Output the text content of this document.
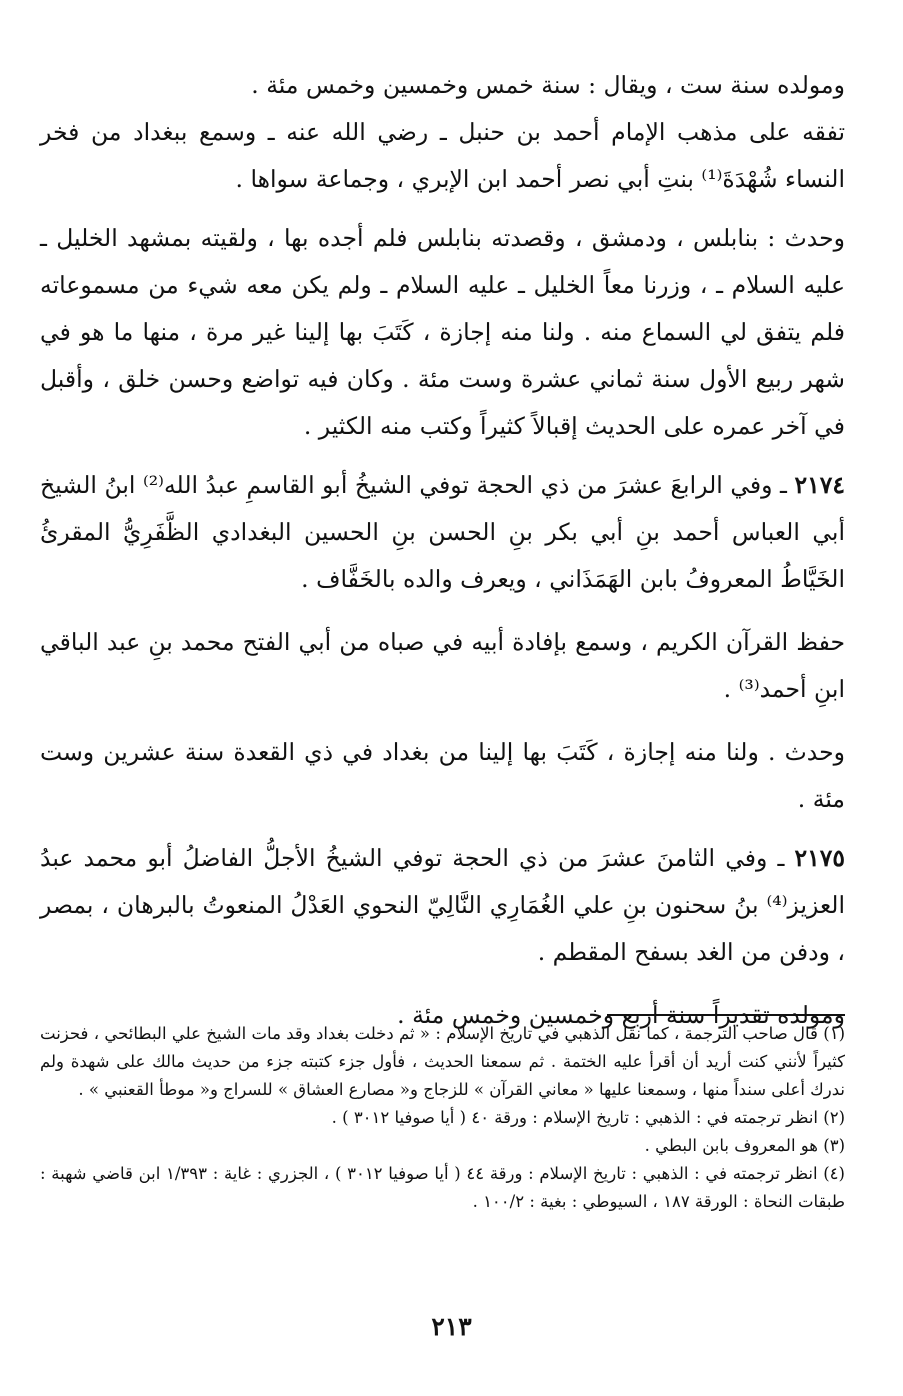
ومولده سنة ست ، ويقال : سنة خمس وخمسين وخمس مئة .

تفقه على مذهب الإمام أحمد بن حنبل ـ رضي الله عنه ـ وسمع ببغداد من فخر النساء شُهْدَةَ⁽¹⁾ بنتِ أبي نصر أحمد ابن الإبري ، وجماعة سواها .

وحدث : بنابلس ، ودمشق ، وقصدته بنابلس فلم أجده بها ، ولقيته بمشهد الخليل ـ عليه السلام ـ ، وزرنا معاً الخليل ـ عليه السلام ـ ولم يكن معه شيء من مسموعاته فلم يتفق لي السماع منه . ولنا منه إجازة ، كَتَبَ بها إلينا غير مرة ، منها ما هو في شهر ربيع الأول سنة ثماني عشرة وست مئة . وكان فيه تواضع وحسن خلق ، وأقبل في آخر عمره على الحديث إقبالاً كثيراً وكتب منه الكثير .

٢١٧٤ ـ وفي الرابعَ عشرَ من ذي الحجة توفي الشيخُ أبو القاسمِ عبدُ الله⁽²⁾ ابنُ الشيخ أبي العباس أحمد بنِ أبي بكر بنِ الحسن بنِ الحسين البغدادي الظَّفَرِيُّ المقرئُ الخَيَّاطُ المعروفُ بابن الهَمَذَاني ، ويعرف والده بالخَفَّاف .

حفظ القرآن الكريم ، وسمع بإفادة أبيه في صباه من أبي الفتح محمد بنِ عبد الباقي ابنِ أحمد⁽³⁾ .

وحدث . ولنا منه إجازة ، كَتَبَ بها إلينا من بغداد في ذي القعدة سنة عشرين وست مئة .

٢١٧٥ ـ وفي الثامنَ عشرَ من ذي الحجة توفي الشيخُ الأجلُّ الفاضلُ أبو محمد عبدُ العزيز⁽⁴⁾ بنُ سحنون بنِ علي الغُمَارِي النَّالِيّ النحوي العَدْلُ المنعوتُ بالبرهان ، بمصر ، ودفن من الغد بسفح المقطم .

ومولده تقديراً سنة أربع وخمسين وخمس مئة .

(١) قال صاحب الترجمة ، كما نقل الذهبي في تاريخ الإسلام : « ثم دخلت بغداد وقد مات الشيخ علي البطائحي ، فحزنت كثيراً لأنني كنت أريد أن أقرأ عليه الختمة . ثم سمعنا الحديث ، فأول جزء كتبته جزء من حديث مالك على شهدة ولم ندرك أعلى سنداً منها ، وسمعنا عليها « معاني القرآن » للزجاج و« مصارع العشاق » للسراج و« موطأ القعنبي » .

(٢) انظر ترجمته في : الذهبي : تاريخ الإسلام : ورقة ٤٠ ( أيا صوفيا ٣٠١٢ ) .

(٣) هو المعروف بابن البطي .

(٤) انظر ترجمته في : الذهبي : تاريخ الإسلام : ورقة ٤٤ ( أيا صوفيا ٣٠١٢ ) ، الجزري : غاية : ١/٣٩٣ ابن قاضي شهبة : طبقات النحاة : الورقة ١٨٧ ، السيوطي : بغية : ١٠٠/٢ .

٢١٣
